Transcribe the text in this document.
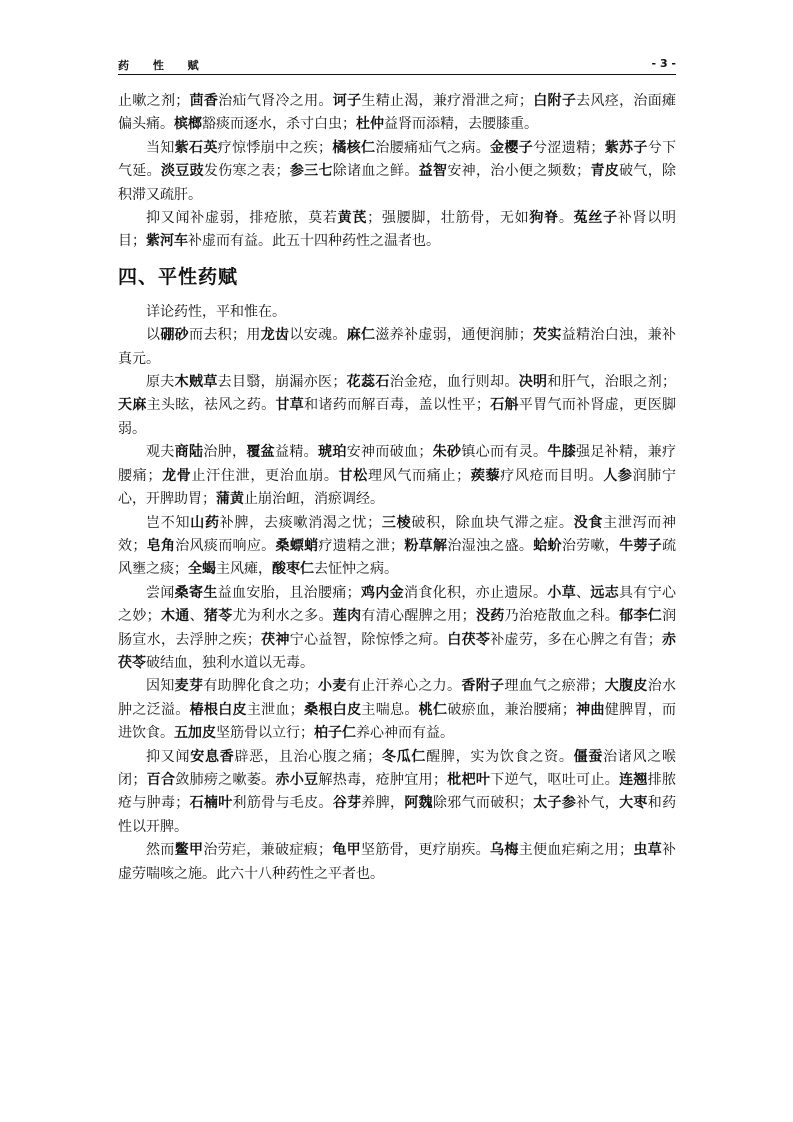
药 性 赋	- 3 -

止嗽之剂；茴香治疝气肾冷之用。诃子生精止渴，兼疗滑泄之疴；白附子去风痉，治面瘫偏头痛。槟榔豁痰而逐水，杀寸白虫；杜仲益肾而添精，去腰膝重。

当知紫石英疗惊悸崩中之疾；橘核仁治腰痛疝气之病。金樱子兮涩遗精；紫苏子兮下气延。淡豆豉发伤寒之表；参三七除诸血之鲜。益智安神，治小便之频数；青皮破气，除积滞又疏肝。

抑又闻补虚弱，排疮脓，莫若黄芪；强腰脚，壮筋骨，无如狗脊。菟丝子补肾以明目；紫河车补虚而有益。此五十四种药性之温者也。

四、平性药赋

详论药性，平和惟在。

以硼砂而去积；用龙齿以安魂。麻仁滋养补虚弱，通便润肺；芡实益精治白浊，兼补真元。

原夫木贼草去目翳，崩漏亦医；花蕊石治金疮，血行则却。决明和肝气，治眼之剂；天麻主头眩，祛风之药。甘草和诸药而解百毒，盖以性平；石斛平胃气而补肾虚，更医脚弱。

观夫商陆治肿，覆盆益精。琥珀安神而破血；朱砂镇心而有灵。牛膝强足补精，兼疗腰痛；龙骨止汗住泄，更治血崩。甘松理风气而痛止；蒺藜疗风疮而目明。人参润肺宁心，开脾助胃；蒲黄止崩治衄，消瘀调经。

岂不知山药补脾，去痰嗽消渴之忧；三棱破积，除血块气滞之症。没食主泄泻而神效；皂角治风痰而响应。桑螵蛸疗遗精之泄；粉草解治湿浊之盛。蛤蚧治劳嗽，牛蒡子疏风壅之痰；全蝎主风瘫，酸枣仁去怔忡之病。

尝闻桑寄生益血安胎，且治腰痛；鸡内金消食化积，亦止遗尿。小草、远志具有宁心之妙；木通、猪苓尤为利水之多。莲肉有清心醒脾之用；没药乃治疮散血之科。郁李仁润肠宣水，去浮肿之疾；茯神宁心益智，除惊悸之疴。白茯苓补虚劳，多在心脾之有眚；赤茯苓破结血，独利水道以无毒。

因知麦芽有助脾化食之功；小麦有止汗养心之力。香附子理血气之瘀滞；大腹皮治水肿之泛溢。椿根白皮主泄血；桑根白皮主喘息。桃仁破瘀血，兼治腰痛；神曲健脾胃，而进饮食。五加皮坚筋骨以立行；柏子仁养心神而有益。

抑又闻安息香辟恶，且治心腹之痛；冬瓜仁醒脾，实为饮食之资。僵蚕治诸风之喉闭；百合敛肺痨之嗽萎。赤小豆解热毒，疮肿宜用；枇杷叶下逆气，呕吐可止。连翘排脓疮与肿毒；石楠叶利筋骨与毛皮。谷芽养脾，阿魏除邪气而破积；太子参补气，大枣和药性以开脾。

然而鳖甲治劳疟，兼破症瘕；龟甲坚筋骨，更疗崩疾。乌梅主便血疟痢之用；虫草补虚劳喘咳之施。此六十八种药性之平者也。
